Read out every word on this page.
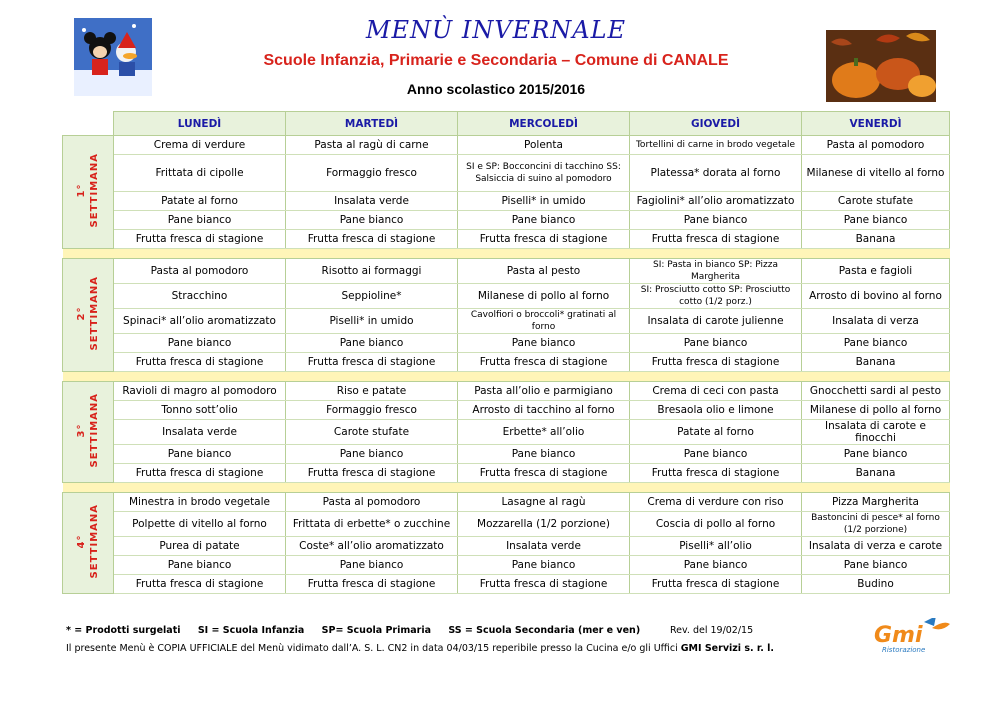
MENÙ INVERNALE
Scuole Infanzia, Primarie e Secondaria – Comune di CANALE
Anno scolastico 2015/2016
	LUNEDÌ	MARTEDÌ	MERCOLEDÌ	GIOVEDÌ	VENERDÌ
1° SETTIMANA	Crema di verdure	Pasta al ragù di carne	Polenta	Tortellini di carne in brodo vegetale	Pasta al pomodoro
	Frittata di cipolle	Formaggio fresco	SI e SP: Bocconcini di tacchino SS: Salsiccia di suino al pomodoro	Platessa* dorata al forno	Milanese di vitello al forno
	Patate al forno	Insalata verde	Piselli* in umido	Fagiolini* all’olio aromatizzato	Carote stufate
	Pane bianco	Pane bianco	Pane bianco	Pane bianco	Pane bianco
	Frutta fresca di stagione	Frutta fresca di stagione	Frutta fresca di stagione	Frutta fresca di stagione	Banana

2° SETTIMANA	Pasta al pomodoro	Risotto ai formaggi	Pasta al pesto	SI: Pasta in bianco SP: Pizza Margherita	Pasta e fagioli
	Stracchino	Seppioline*	Milanese di pollo al forno	SI: Prosciutto cotto SP: Prosciutto cotto (1/2 porz.)	Arrosto di bovino al forno
	Spinaci* all’olio aromatizzato	Piselli* in umido	Cavolfiori o broccoli* gratinati al forno	Insalata di carote julienne	Insalata di verza
	Pane bianco	Pane bianco	Pane bianco	Pane bianco	Pane bianco
	Frutta fresca di stagione	Frutta fresca di stagione	Frutta fresca di stagione	Frutta fresca di stagione	Banana

3° SETTIMANA	Ravioli di magro al pomodoro	Riso e patate	Pasta all’olio e parmigiano	Crema di ceci con pasta	Gnocchetti sardi al pesto
	Tonno sott’olio	Formaggio fresco	Arrosto di tacchino al forno	Bresaola olio e limone	Milanese di pollo al forno
	Insalata verde	Carote stufate	Erbette* all’olio	Patate al forno	Insalata di carote e finocchi
	Pane bianco	Pane bianco	Pane bianco	Pane bianco	Pane bianco
	Frutta fresca di stagione	Frutta fresca di stagione	Frutta fresca di stagione	Frutta fresca di stagione	Banana

4° SETTIMANA	Minestra in brodo vegetale	Pasta al pomodoro	Lasagne al ragù	Crema di verdure con riso	Pizza Margherita
	Polpette di vitello al forno	Frittata di erbette* o zucchine	Mozzarella (1/2 porzione)	Coscia di pollo al forno	Bastoncini di pesce* al forno (1/2 porzione)
	Purea di patate	Coste* all’olio aromatizzato	Insalata verde	Piselli* all’olio	Insalata di verza e carote
	Pane bianco	Pane bianco	Pane bianco	Pane bianco	Pane bianco
	Frutta fresca di stagione	Frutta fresca di stagione	Frutta fresca di stagione	Frutta fresca di stagione	Budino
* = Prodotti surgelati SI = Scuola Infanzia SP= Scuola Primaria SS = Scuola Secondaria (mer e ven)	Rev. del 19/02/15
Il presente Menù è COPIA UFFICIALE del Menù vidimato dall’A. S. L. CN2 in data 04/03/15 reperibile presso la Cucina e/o gli Uffici GMI Servizi s. r. l.
Gmi
Ristorazione
